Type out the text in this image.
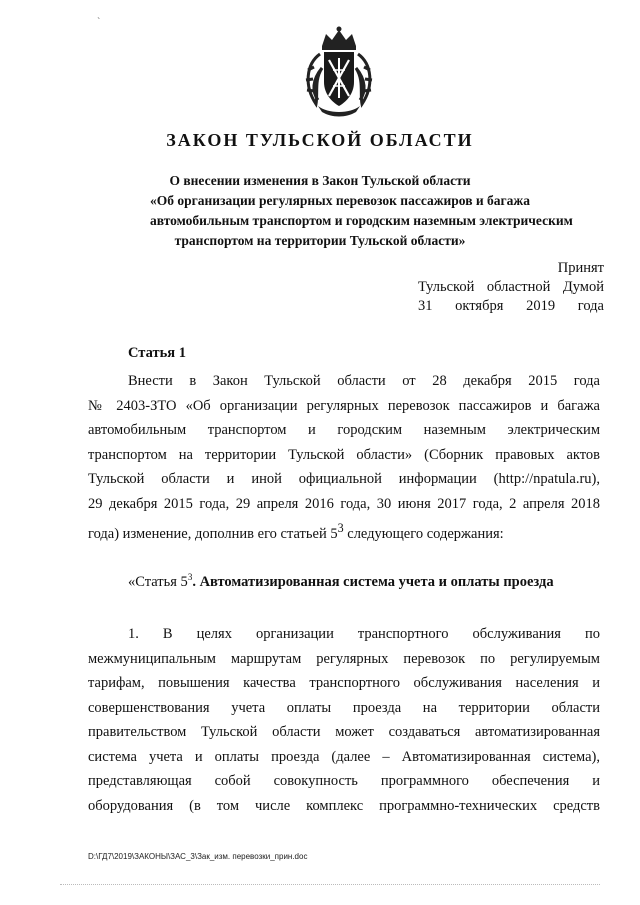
`
ЗАКОН ТУЛЬСКОЙ ОБЛАСТИ
О внесении изменения в Закон Тульской области
«Об организации регулярных перевозок пассажиров и багажа
автомобильным транспортом и городским наземным электрическим
транспортом на территории Тульской области»
Принят
Тульской областной Думой
31 октября 2019 года
Статья 1
Внести в Закон Тульской области от 28 декабря 2015 года
№ 2403-ЗТО «Об организации регулярных перевозок пассажиров и багажа
автомобильным транспортом и городским наземным электрическим
транспортом на территории Тульской области» (Сборник правовых актов
Тульской области и иной официальной информации (http://npatula.ru),
29 декабря 2015 года, 29 апреля 2016 года, 30 июня 2017 года, 2 апреля 2018
года) изменение, дополнив его статьей $5^3$ следующего содержания:
«Статья $5^3$. Автоматизированная система учета и оплаты проезда
1. В целях организации транспортного обслуживания по
межмуниципальным маршрутам регулярных перевозок по регулируемым
тарифам, повышения качества транспортного обслуживания населения и
совершенствования учета оплаты проезда на территории области
правительством Тульской области может создаваться автоматизированная
система учета и оплаты проезда (далее – Автоматизированная система),
представляющая собой совокупность программного обеспечения и
оборудования (в том числе комплекс программно-технических средств
D:\ГД7\2019\ЗАКОНЫ\ЗАС_3\Зак_изм. перевозки_прин.doc
